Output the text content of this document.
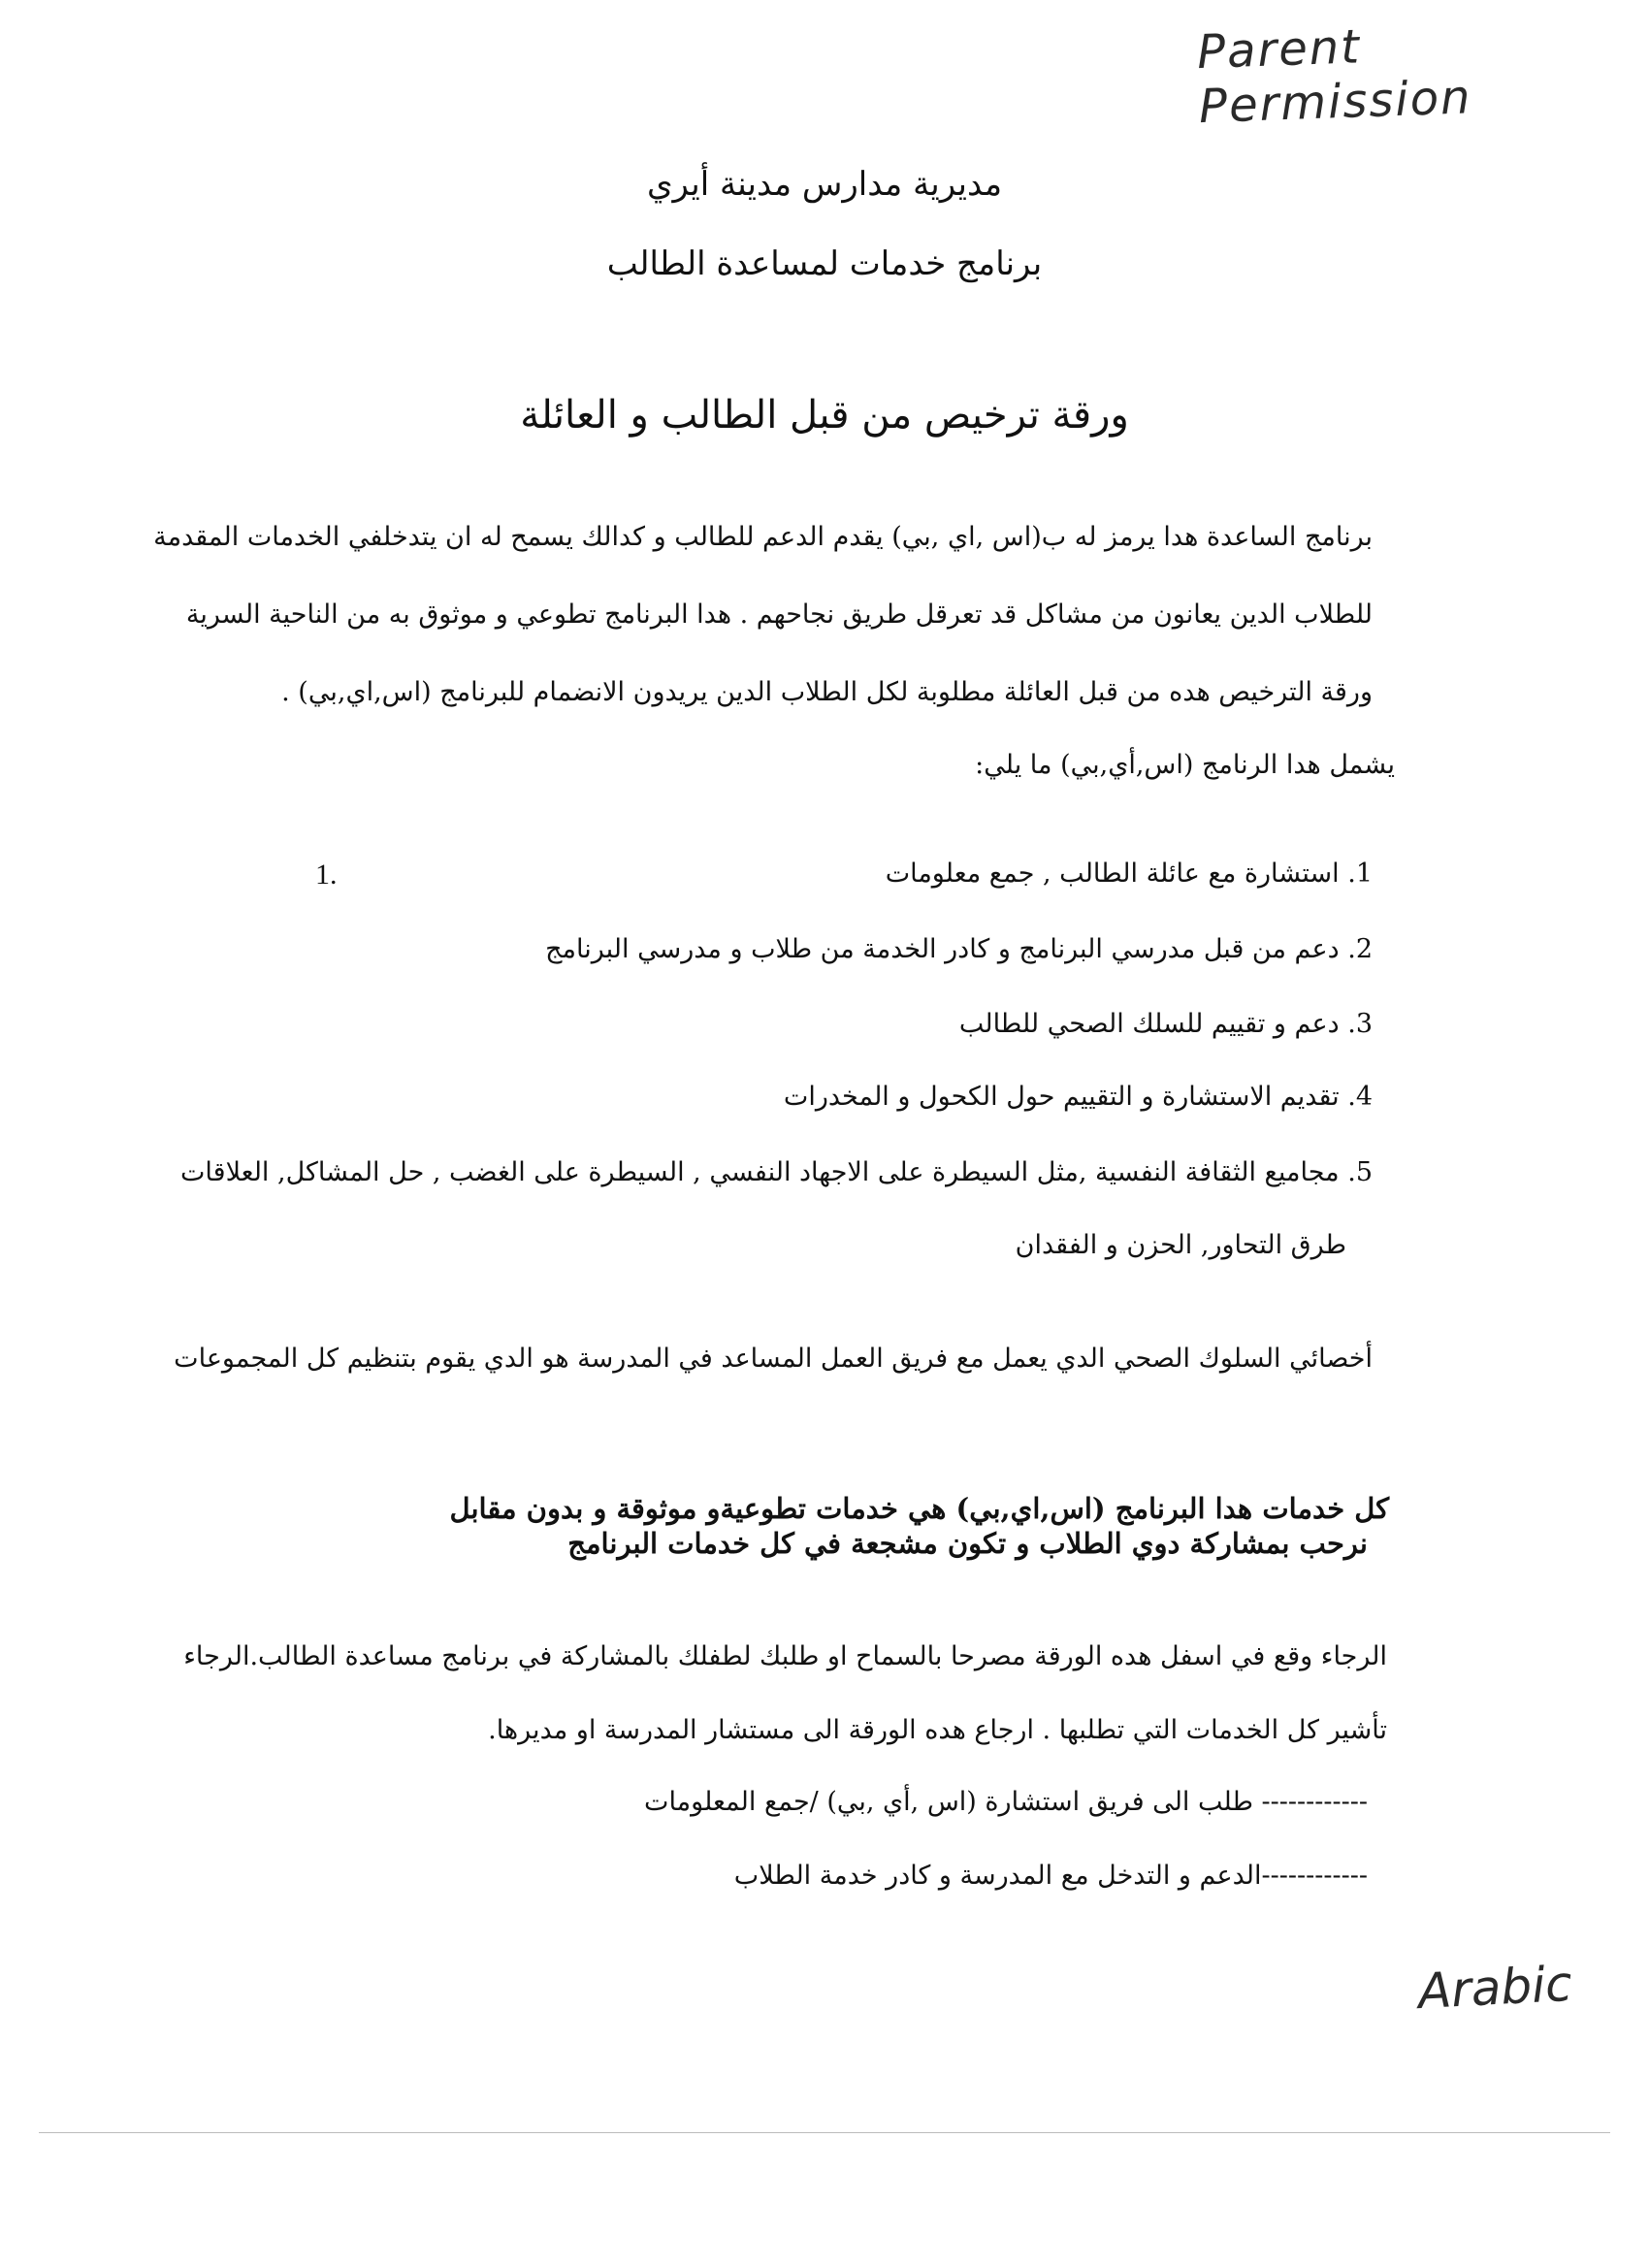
Parent Permission
مديرية مدارس مدينة أيري
برنامج خدمات لمساعدة الطالب
ورقة ترخيص من قبل الطالب و العائلة
برنامج الساعدة هدا يرمز له ب(اس ,اي ,بي) يقدم الدعم للطالب و كدالك يسمح له ان يتدخلفي الخدمات المقدمة
للطلاب الدين يعانون من مشاكل قد تعرقل طريق نجاحهم . هدا البرنامج تطوعي و موثوق به من الناحية السرية
ورقة الترخيص هده من قبل العائلة مطلوبة لكل الطلاب الدين يريدون الانضمام للبرنامج (اس,اي,بي) .
يشمل هدا الرنامج (اس,أي,بي) ما يلي:
1.	1. استشارة مع عائلة الطالب , جمع معلومات
2. دعم من قبل مدرسي البرنامج و كادر الخدمة من طلاب و مدرسي البرنامج
3. دعم و تقييم للسلك الصحي للطالب
4. تقديم الاستشارة و التقييم حول الكحول و المخدرات
5. مجاميع الثقافة النفسية ,مثل السيطرة على الاجهاد النفسي , السيطرة على الغضب , حل المشاكل, العلاقات
طرق التحاور, الحزن و الفقدان
أخصائي السلوك الصحي الدي يعمل مع فريق العمل المساعد في المدرسة هو الدي يقوم بتنظيم كل المجموعات
كل خدمات هدا البرنامج (اس,اي,بي) هي خدمات تطوعيةو موثوقة و بدون مقابل
نرحب بمشاركة دوي الطلاب و تكون مشجعة في كل خدمات البرنامج
الرجاء وقع في اسفل هده الورقة مصرحا بالسماح او طلبك لطفلك بالمشاركة في برنامج مساعدة الطالب.الرجاء
تأشير كل الخدمات التي تطلبها . ارجاع هده الورقة الى مستشار المدرسة او مديرها.
------------ طلب الى فريق استشارة (اس ,أي ,بي) /جمع المعلومات
------------الدعم و التدخل مع المدرسة و كادر خدمة الطلاب
Arabic
